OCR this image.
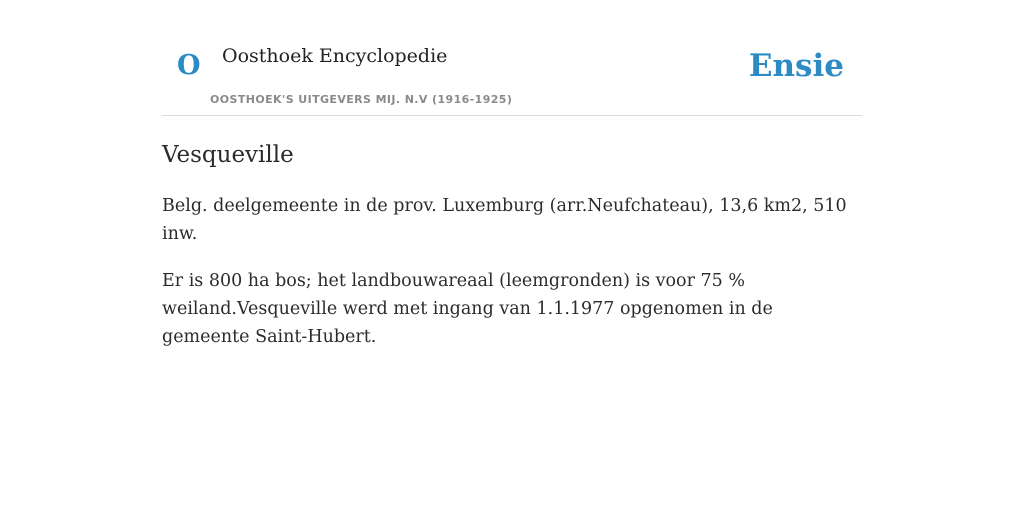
O Oosthoek Encyclopedie
OOSTHOEK'S UITGEVERS MIJ. N.V (1916-1925)
Ensie
Vesqueville

Belg. deelgemeente in de prov. Luxemburg (arr.Neufchateau), 13,6 km2, 510 inw.

Er is 800 ha bos; het landbouwareaal (leemgronden) is voor 75 % weiland.Vesqueville werd met ingang van 1.1.1977 opgenomen in de gemeente Saint-Hubert.
